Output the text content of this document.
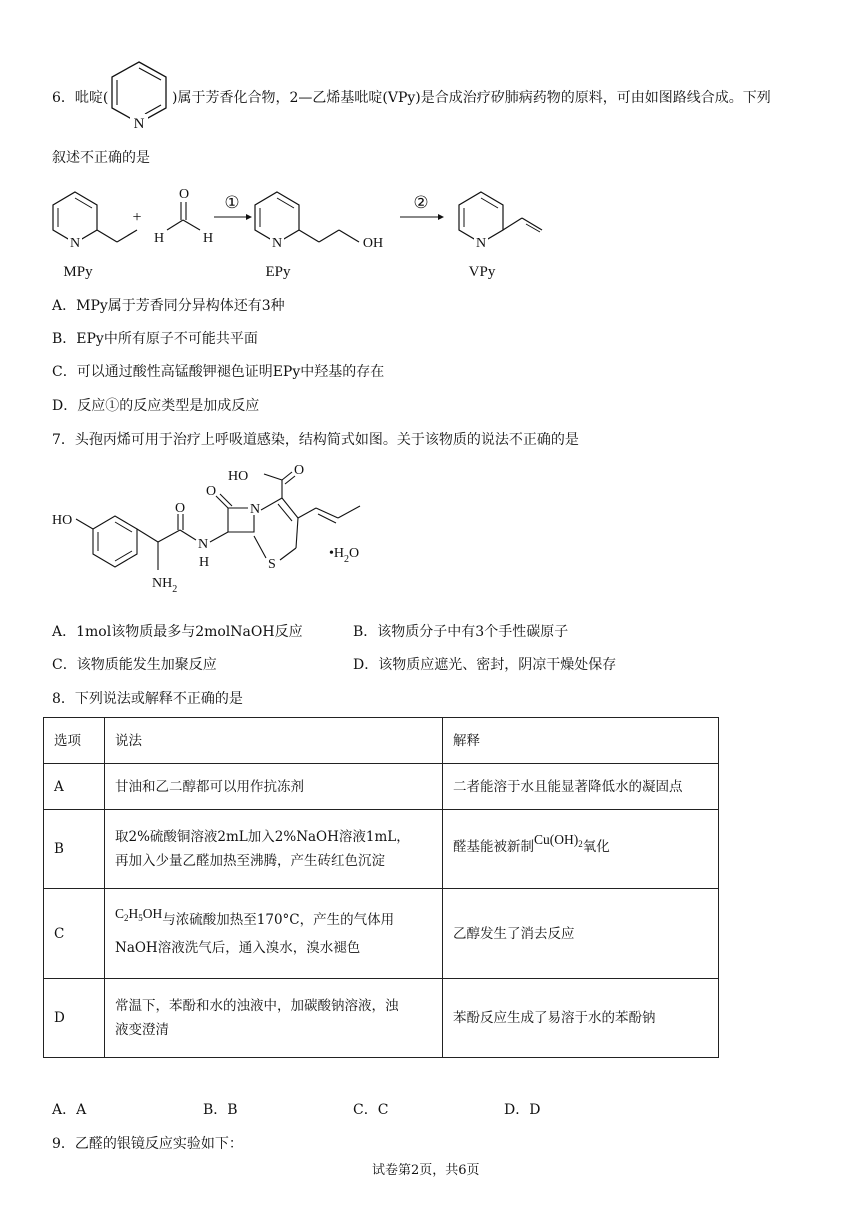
6．吡啶(
N
)属于芳香化合物，2—乙烯基吡啶(VPy)是合成治疗矽肺病药物的原料，可由如图路线合成。下列
叙述不正确的是
N
MPy
+
O
H	H
①
N	OH
EPy
②
N
VPy
A．MPy属于芳香同分异构体还有3种
B．EPy中所有原子不可能共平面
C．可以通过酸性高锰酸钾褪色证明EPy中羟基的存在
D．反应①的反应类型是加成反应
7．头孢丙烯可用于治疗上呼吸道感染，结构简式如图。关于该物质的说法不正确的是
HO
$NH_2$
O
N
H
O
N
S
HO	O
$•H_2O$
A．1mol该物质最多与2molNaOH反应	B．该物质分子中有3个手性碳原子
C．该物质能发生加聚反应	D．该物质应遮光、密封，阴凉干燥处保存
8．下列说法或解释不正确的是
选项	说法	解释
A	甘油和乙二醇都可以用作抗冻剂	二者能溶于水且能显著降低水的凝固点
B	取2%硫酸铜溶液2mL加入2%NaOH溶液1mL，
再加入少量乙醛加热至沸腾，产生砖红色沉淀	醛基能被新制$Cu(OH)_2$氧化
C	$C_2H_5OH$与浓硫酸加热至170°C，产生的气体用
NaOH溶液洗气后，通入溴水，溴水褪色	乙醇发生了消去反应
D	常温下，苯酚和水的浊液中，加碳酸钠溶液，浊
液变澄清	苯酚反应生成了易溶于水的苯酚钠
A．A	B．B	C．C	D．D
9．乙醛的银镜反应实验如下：
试卷第2页，共6页
